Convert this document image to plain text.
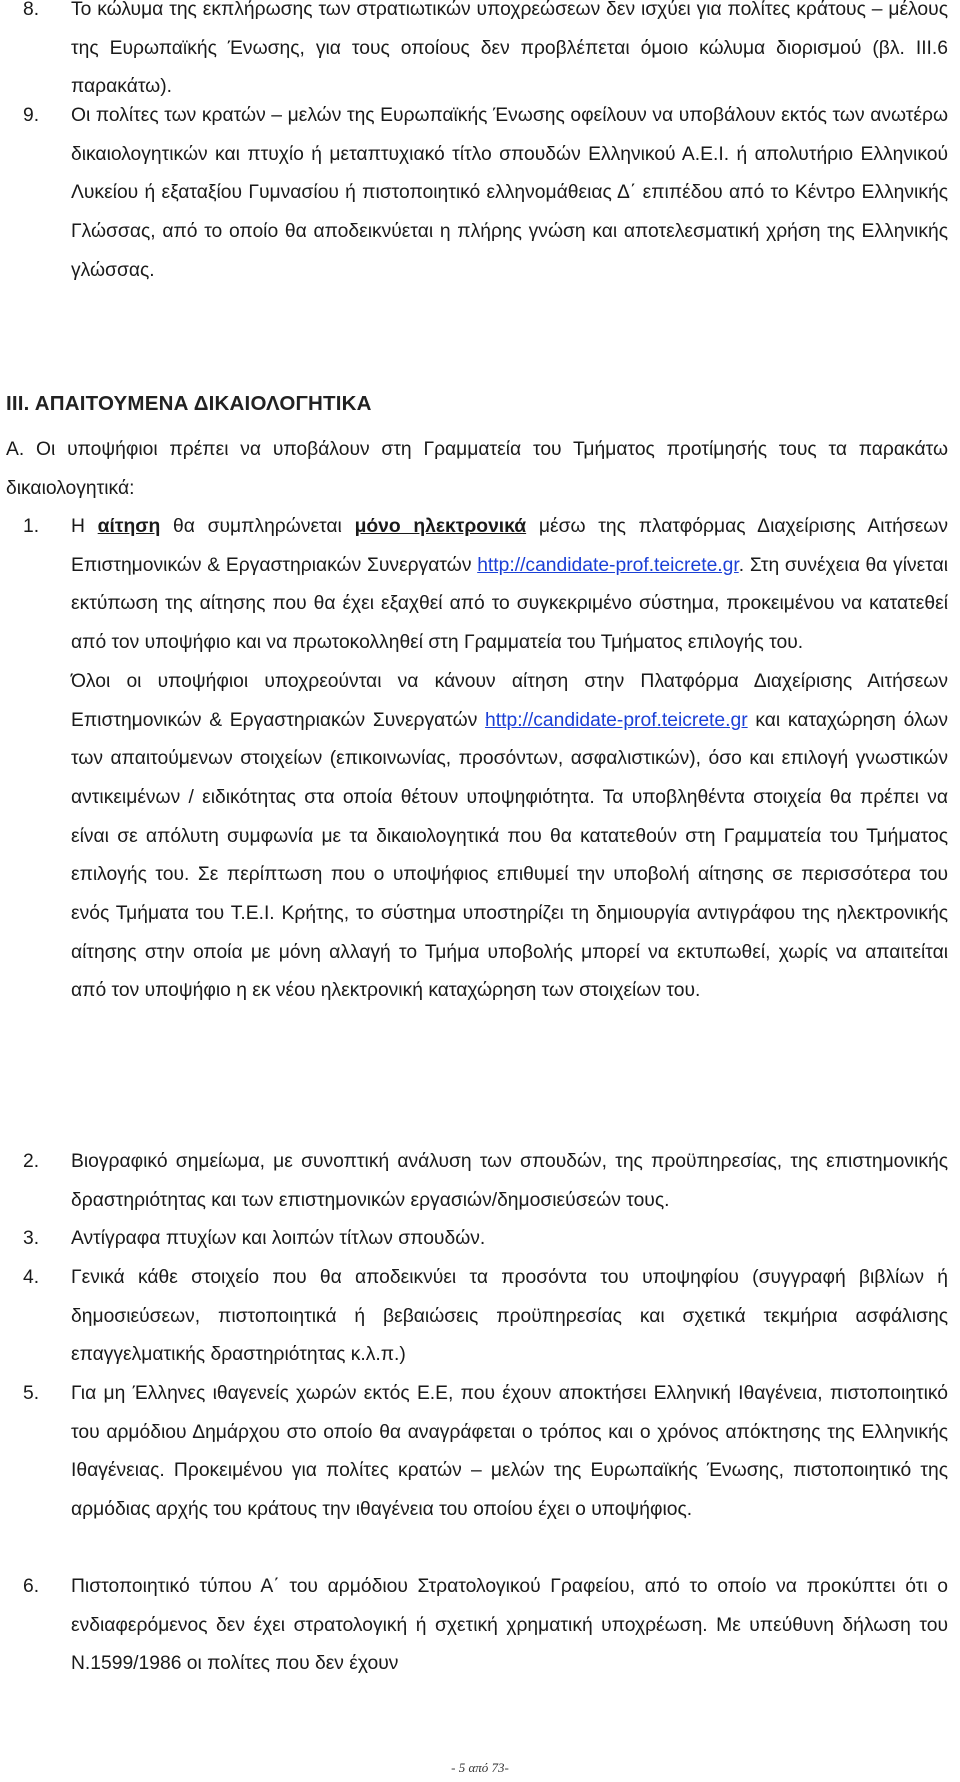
8. Το κώλυμα της εκπλήρωσης των στρατιωτικών υποχρεώσεων δεν ισχύει για πολίτες κράτους – μέλους της Ευρωπαϊκής Ένωσης, για τους οποίους δεν προβλέπεται όμοιο κώλυμα διορισμού (βλ. ΙΙΙ.6 παρακάτω).
9. Οι πολίτες των κρατών – μελών της Ευρωπαϊκής Ένωσης οφείλουν να υποβάλουν εκτός των ανωτέρω δικαιολογητικών και πτυχίο ή μεταπτυχιακό τίτλο σπουδών Ελληνικού Α.Ε.Ι. ή απολυτήριο Ελληνικού Λυκείου ή εξαταξίου Γυμνασίου ή πιστοποιητικό ελληνομάθειας Δ΄ επιπέδου από το Κέντρο Ελληνικής Γλώσσας, από το οποίο θα αποδεικνύεται η πλήρης γνώση και αποτελεσματική χρήση της Ελληνικής γλώσσας.
ΙΙΙ. ΑΠΑΙΤΟΥΜΕΝΑ ΔΙΚΑΙΟΛΟΓΗΤΙΚΑ
Α. Οι υποψήφιοι πρέπει να υποβάλουν στη Γραμματεία του Τμήματος προτίμησής τους τα παρακάτω δικαιολογητικά:
1. Η αίτηση θα συμπληρώνεται μόνο ηλεκτρονικά μέσω της πλατφόρμας Διαχείρισης Αιτήσεων Επιστημονικών & Εργαστηριακών Συνεργατών http://candidate-prof.teicrete.gr. Στη συνέχεια θα γίνεται εκτύπωση της αίτησης που θα έχει εξαχθεί από το συγκεκριμένο σύστημα, προκειμένου να κατατεθεί από τον υποψήφιο και να πρωτοκολληθεί στη Γραμματεία του Τμήματος επιλογής του.
Όλοι οι υποψήφιοι υποχρεούνται να κάνουν αίτηση στην Πλατφόρμα Διαχείρισης Αιτήσεων Επιστημονικών & Εργαστηριακών Συνεργατών http://candidate-prof.teicrete.gr και καταχώρηση όλων των απαιτούμενων στοιχείων (επικοινωνίας, προσόντων, ασφαλιστικών), όσο και επιλογή γνωστικών αντικειμένων / ειδικότητας στα οποία θέτουν υποψηφιότητα. Τα υποβληθέντα στοιχεία θα πρέπει να είναι σε απόλυτη συμφωνία με τα δικαιολογητικά που θα κατατεθούν στη Γραμματεία του Τμήματος επιλογής του. Σε περίπτωση που ο υποψήφιος επιθυμεί την υποβολή αίτησης σε περισσότερα του ενός Τμήματα του Τ.Ε.Ι. Κρήτης, το σύστημα υποστηρίζει τη δημιουργία αντιγράφου της ηλεκτρονικής αίτησης στην οποία με μόνη αλλαγή το Τμήμα υποβολής μπορεί να εκτυπωθεί, χωρίς να απαιτείται από τον υποψήφιο η εκ νέου ηλεκτρονική καταχώρηση των στοιχείων του.
2. Βιογραφικό σημείωμα, με συνοπτική ανάλυση των σπουδών, της προϋπηρεσίας, της επιστημονικής δραστηριότητας και των επιστημονικών εργασιών/δημοσιεύσεών τους.
3. Αντίγραφα πτυχίων και λοιπών τίτλων σπουδών.
4. Γενικά κάθε στοιχείο που θα αποδεικνύει τα προσόντα του υποψηφίου (συγγραφή βιβλίων ή δημοσιεύσεων, πιστοποιητικά ή βεβαιώσεις προϋπηρεσίας και σχετικά τεκμήρια ασφάλισης επαγγελματικής δραστηριότητας κ.λ.π.)
5. Για μη Έλληνες ιθαγενείς χωρών εκτός Ε.Ε, που έχουν αποκτήσει Ελληνική Ιθαγένεια, πιστοποιητικό του αρμόδιου Δημάρχου στο οποίο θα αναγράφεται ο τρόπος και ο χρόνος απόκτησης της Ελληνικής Ιθαγένειας. Προκειμένου για πολίτες κρατών – μελών της Ευρωπαϊκής Ένωσης, πιστοποιητικό της αρμόδιας αρχής του κράτους την ιθαγένεια του οποίου έχει ο υποψήφιος.
6. Πιστοποιητικό τύπου Α΄ του αρμόδιου Στρατολογικού Γραφείου, από το οποίο να προκύπτει ότι ο ενδιαφερόμενος δεν έχει στρατολογική ή σχετική χρηματική υποχρέωση. Με υπεύθυνη δήλωση του Ν.1599/1986 οι πολίτες που δεν έχουν
- 5 από 73-
